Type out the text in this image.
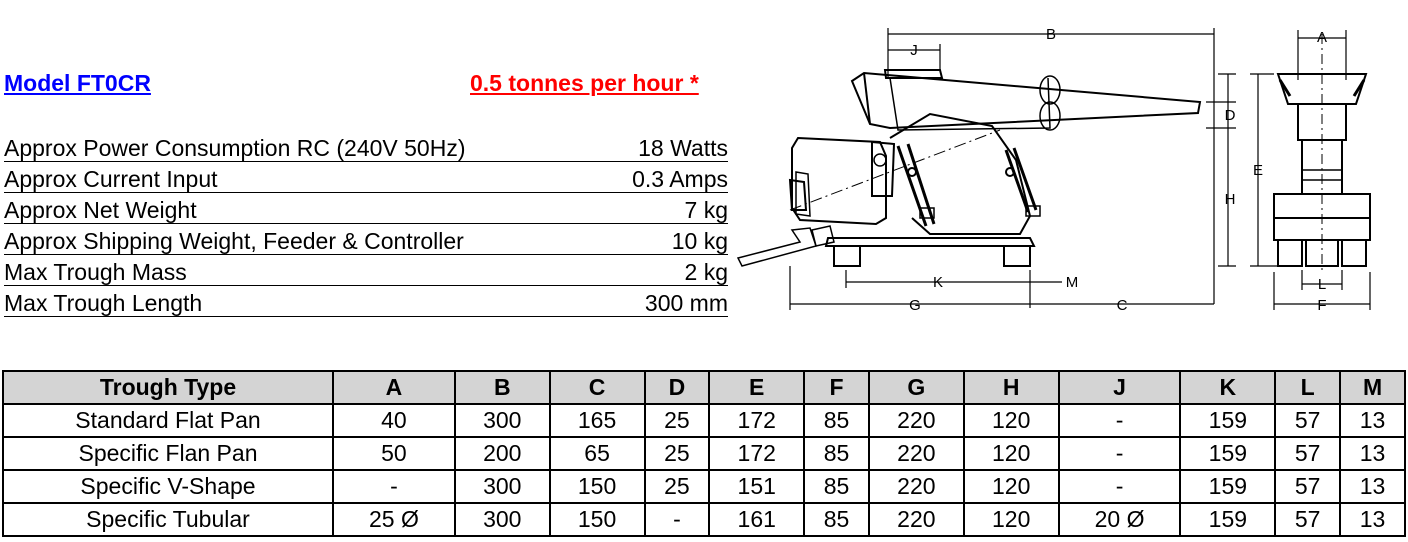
Model FT0CR	0.5 tonnes per hour *
Approx Power Consumption RC (240V 50Hz)	18 Watts
Approx Current Input	0.3 Amps
Approx Net Weight	7 kg
Approx Shipping Weight, Feeder & Controller	10 kg
Max Trough Mass	2 kg
Max Trough Length	300 mm
B
J
D
H
K	M
G	C
A
E
L
F
Trough Type	A	B	C	D	E	F	G	H	J	K	L	M
Standard Flat Pan	40	300	165	25	172	85	220	120	-	159	57	13
Specific Flan Pan	50	200	65	25	172	85	220	120	-	159	57	13
Specific V-Shape	-	300	150	25	151	85	220	120	-	159	57	13
Specific Tubular	25 Ø	300	150	-	161	85	220	120	20 Ø	159	57	13
